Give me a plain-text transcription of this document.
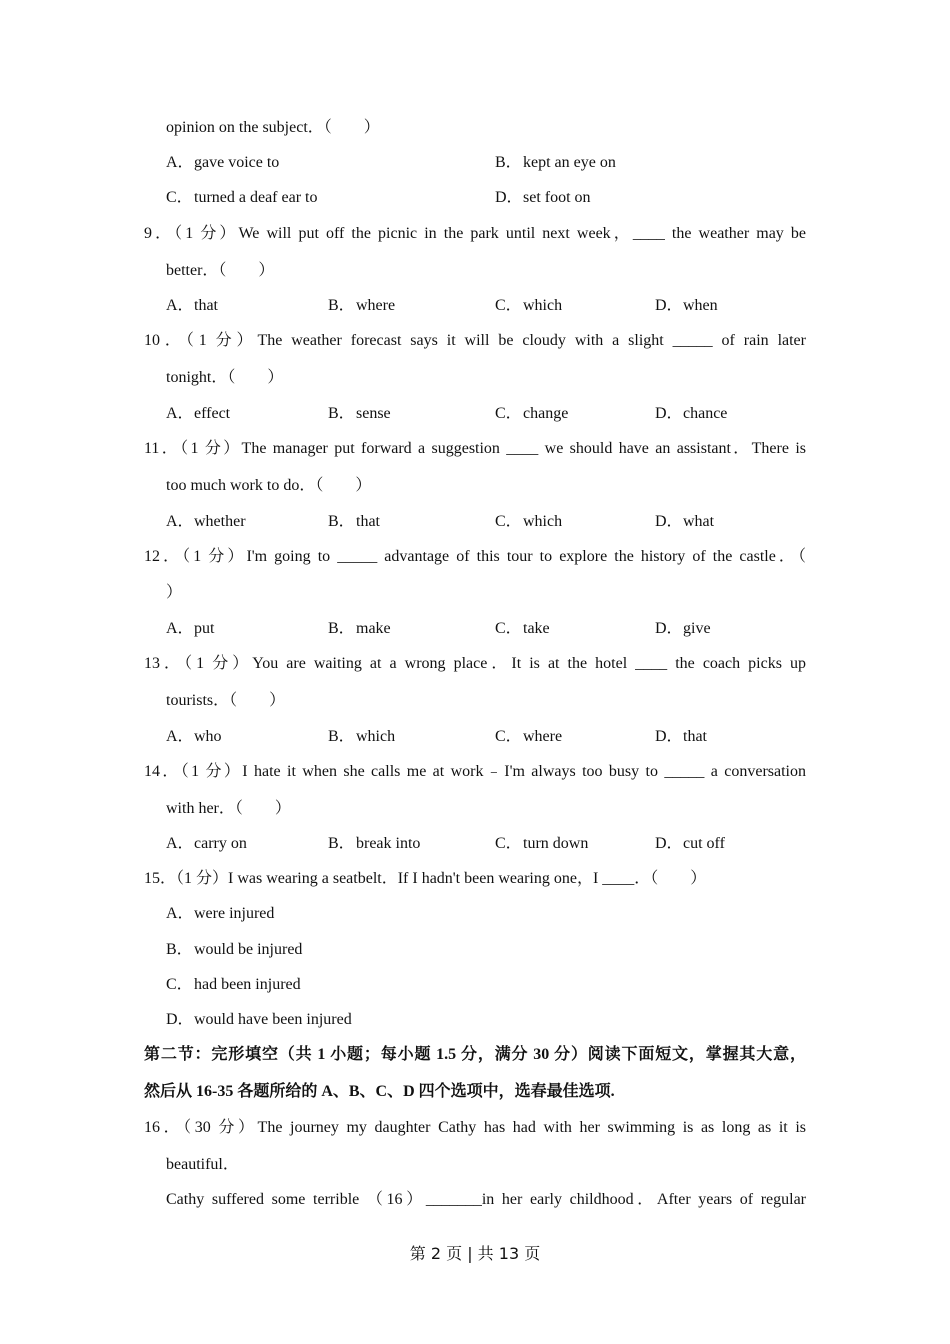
opinion on the subject．（　　）
A．gave voice to	B．kept an eye on
C．turned a deaf ear to	D．set foot on
9．（1 分）We will put off the picnic in the park until next week，____ the weather may be
better．（　　）
A．that	B．where	C．which	D．when
10．（1 分）The weather forecast says it will be cloudy with a slight _____ of rain later
tonight．（　　）
A．effect	B．sense	C．change	D．chance
11．（1 分）The manager put forward a suggestion ____ we should have an assistant．There is
too much work to do．（　　）
A．whether	B．that	C．which	D．what
12．（1 分）I'm going to _____ advantage of this tour to explore the history of the castle．（
）
A．put	B．make	C．take	D．give
13．（1 分）You are waiting at a wrong place．It is at the hotel ____ the coach picks up
tourists．（　　）
A．who	B．which	C．where	D．that
14．（1 分）I hate it when she calls me at work﹣I'm always too busy to _____ a conversation
with her．（　　）
A．carry on	B．break into	C．turn down	D．cut off
15．（1 分）I was wearing a seatbelt．If I hadn't been wearing one，I ____．（　　）
A．were injured
B．would be injured
C．had been injured
D．would have been injured
第二节：完形填空（共 1 小题；每小题 1.5 分，满分 30 分）阅读下面短文，掌握其大意，
然后从 16-35 各题所给的 A、B、C、D 四个选项中，选春最佳选项.
16．（30 分）The journey my daughter Cathy has had with her swimming is as long as it is
beautiful．
Cathy suffered some terrible （16）_______in her early childhood．After years of regular
第 2 页 | 共 13 页
